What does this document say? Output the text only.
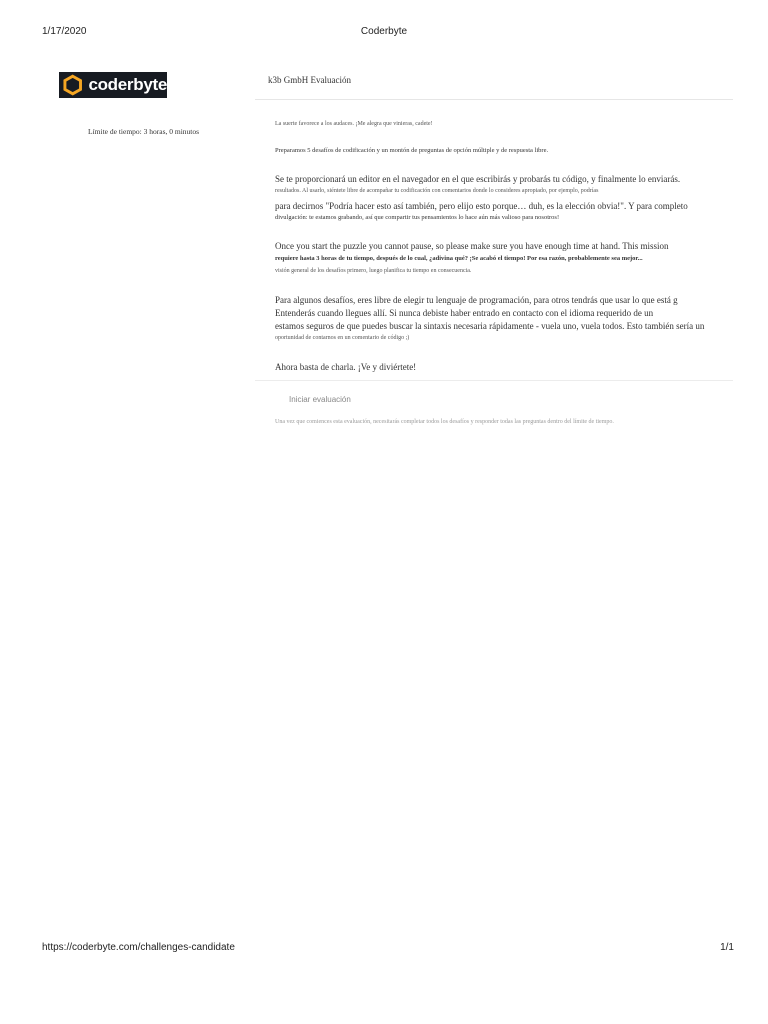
1/17/2020	Coderbyte
coderbyte
Límite de tiempo: 3 horas, 0 minutos
k3b GmbH Evaluación
La suerte favorece a los audaces. ¡Me alegra que vinieras, cadete!
Preparamos 5 desafíos de codificación y un montón de preguntas de opción múltiple y de respuesta libre.
Se te proporcionará un editor en el navegador en el que escribirás y probarás tu código, y finalmente lo enviarás.
resultados. Al usarlo, siéntete libre de acompañar tu codificación con comentarios donde lo consideres apropiado, por ejemplo, podrías
para decirnos "Podría hacer esto así también, pero elijo esto porque… duh, es la elección obvia!". Y para completo
divulgación: te estamos grabando, así que compartir tus pensamientos lo hace aún más valioso para nosotros!
Once you start the puzzle you cannot pause, so please make sure you have enough time at hand. This mission
requiere hasta 3 horas de tu tiempo, después de lo cual, ¿adivina qué? ¡Se acabó el tiempo! Por esa razón, probablemente sea mejor...
visión general de los desafíos primero, luego planifica tu tiempo en consecuencia.
Para algunos desafíos, eres libre de elegir tu lenguaje de programación, para otros tendrás que usar lo que está g
Entenderás cuando llegues allí. Si nunca debiste haber entrado en contacto con el idioma requerido de un
estamos seguros de que puedes buscar la sintaxis necesaria rápidamente - vuela uno, vuela todos. Esto también sería un
oportunidad de contarnos en un comentario de código ;)
Ahora basta de charla. ¡Ve y diviértete!
Iniciar evaluación
Una vez que comiences esta evaluación, necesitarás completar todos los desafíos y responder todas las preguntas dentro del límite de tiempo.
https://coderbyte.com/challenges-candidate	1/1
